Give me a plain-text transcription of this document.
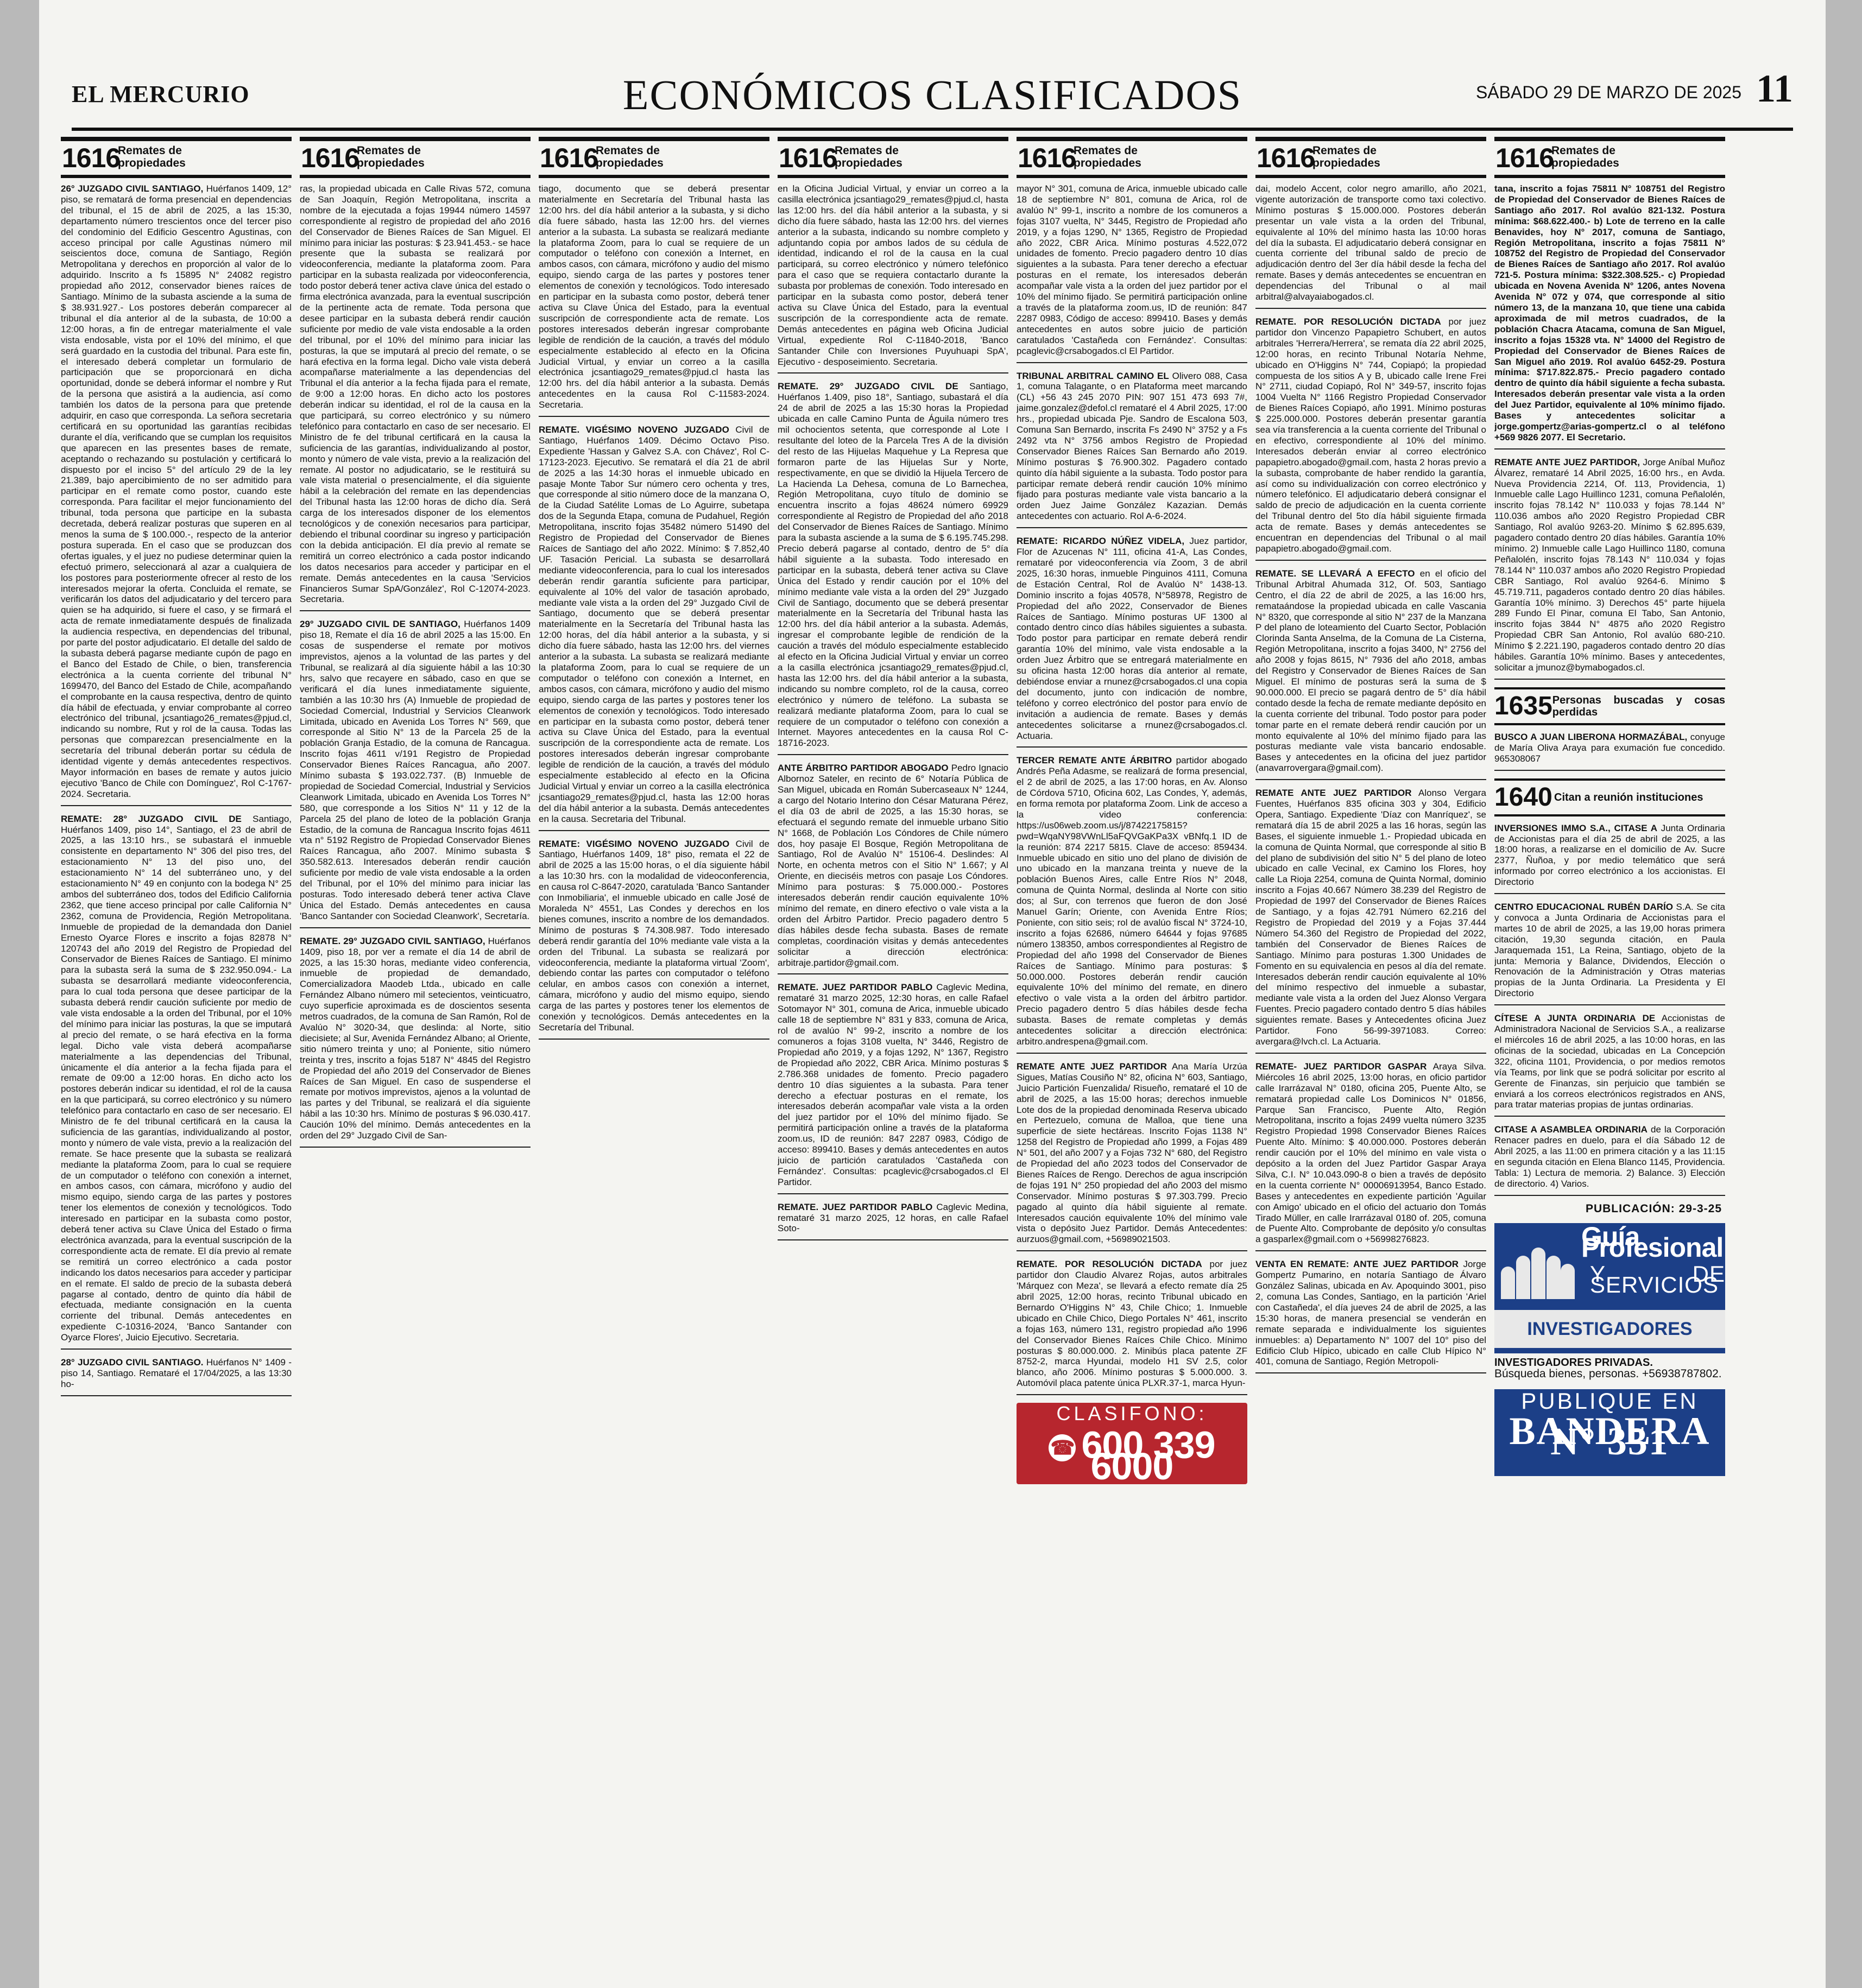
EL MERCURIO	ECONÓMICOS CLASIFICADOS	SÁBADO 29 DE MARZO DE 2025 11
1616
Remates de propiedades

26° JUZGADO CIVIL SANTIAGO, Huérfanos 1409, 12° piso, se rematará de forma presencial en dependencias del tribunal, el 15 de abril de 2025, a las 15:30, departamento número trescientos once del tercer piso del condominio del Edificio Gescentro Agustinas, con acceso principal por calle Agustinas número mil seiscientos doce, comuna de Santiago, Región Metropolitana y derechos en proporción al valor de lo adquirido. Inscrito a fs 15895 N° 24082 registro propiedad año 2012, conservador bienes raíces de Santiago. Mínimo de la subasta asciende a la suma de $ 38.931.927.- Los postores deberán comparecer al tribunal el día anterior al de la subasta, de 10:00 a 12:00 horas, a fin de entregar materialmente el vale vista endosable, vista por el 10% del mínimo, el que será guardado en la custodia del tribunal. Para este fin, el interesado deberá completar un formulario de participación que se proporcionará en dicha oportunidad, donde se deberá informar el nombre y Rut de la persona que asistirá a la audiencia, así como también los datos de la persona para que pretende adquirir, en caso que corresponda. La señora secretaria certificará en su oportunidad las garantías recibidas durante el día, verificando que se cumplan los requisitos que aparecen en las presentes bases de remate, aceptando o rechazando su postulación y certificará lo dispuesto por el inciso 5° del artículo 29 de la ley 21.389, bajo apercibimiento de no ser admitido para participar en el remate como postor, cuando este corresponda. Para facilitar el mejor funcionamiento del tribunal, toda persona que participe en la subasta decretada, deberá realizar posturas que superen en al menos la suma de $ 100.000.-, respecto de la anterior postura superada. En el caso que se produzcan dos ofertas iguales, y el juez no pudiese determinar quien la efectuó primero, seleccionará al azar a cualquiera de los postores para posteriormente ofrecer al resto de los interesados mejorar la oferta. Concluida el remate, se verificarán los datos del adjudicatario y del tercero para quien se ha adquirido, si fuere el caso, y se firmará el acta de remate inmediatamente después de finalizada la audiencia respectiva, en dependencias del tribunal, por parte del postor adjudicatario. El detalle del saldo de la subasta deberá pagarse mediante cupón de pago en el Banco del Estado de Chile, o bien, transferencia electrónica a la cuenta corriente del tribunal N° 1699470, del Banco del Estado de Chile, acompañando el comprobante en la causa respectiva, dentro de quinto día hábil de efectuada, y enviar comprobante al correo electrónico del tribunal, jcsantiago26_remates@pjud.cl, indicando su nombre, Rut y rol de la causa. Todas las personas que comparezcan presencialmente en la secretaría del tribunal deberán portar su cédula de identidad vigente y demás antecedentes respectivos. Mayor información en bases de remate y autos juicio ejecutivo 'Banco de Chile con Domínguez', Rol C-1767-2024. Secretaria.

REMATE: 28° JUZGADO CIVIL DE Santiago, Huérfanos 1409, piso 14°, Santiago, el 23 de abril de 2025, a las 13:10 hrs., se subastará el inmueble consistente en departamento N° 306 del piso tres, del estacionamiento N° 13 del piso uno, del estacionamiento N° 14 del subterráneo uno, y del estacionamiento N° 49 en conjunto con la bodega N° 25 ambos del subterráneo dos, todos del Edificio California 2362, que tiene acceso principal por calle California N° 2362, comuna de Providencia, Región Metropolitana. Inmueble de propiedad de la demandada don Daniel Ernesto Oyarce Flores e inscrito a fojas 82878 N° 120743 del año 2019 del Registro de Propiedad del Conservador de Bienes Raíces de Santiago. El mínimo para la subasta será la suma de $ 232.950.094.- La subasta se desarrollará mediante videoconferencia, para lo cual toda persona que desee participar de la subasta deberá rendir caución suficiente por medio de vale vista endosable a la orden del Tribunal, por el 10% del mínimo para iniciar las posturas, la que se imputará al precio del remate, o se hará efectiva en la forma legal. Dicho vale vista deberá acompañarse materialmente a las dependencias del Tribunal, únicamente el día anterior a la fecha fijada para el remate de 09:00 a 12:00 horas. En dicho acto los postores deberán indicar su identidad, el rol de la causa en la que participará, su correo electrónico y su número telefónico para contactarlo en caso de ser necesario. El Ministro de fe del tribunal certificará en la causa la suficiencia de las garantías, individualizando al postor, monto y número de vale vista, previo a la realización del remate. Se hace presente que la subasta se realizará mediante la plataforma Zoom, para lo cual se requiere de un computador o teléfono con conexión a internet, en ambos casos, con cámara, micrófono y audio del mismo equipo, siendo carga de las partes y postores tener los elementos de conexión y tecnológicos. Todo interesado en participar en la subasta como postor, deberá tener activa su Clave Única del Estado o firma electrónica avanzada, para la eventual suscripción de la correspondiente acta de remate. El día previo al remate se remitirá un correo electrónico a cada postor indicando los datos necesarios para acceder y participar en el remate. El saldo de precio de la subasta deberá pagarse al contado, dentro de quinto día hábil de efectuada, mediante consignación en la cuenta corriente del tribunal. Demás antecedentes en expediente C-10316-2024, 'Banco Santander con Oyarce Flores', Juicio Ejecutivo. Secretaria.

28° JUZGADO CIVIL SANTIAGO. Huérfanos N° 1409 - piso 14, Santiago. Remataré el 17/04/2025, a las 13:30 ho-

1616
Remates de propiedades

ras, la propiedad ubicada en Calle Rivas 572, comuna de San Joaquín, Región Metropolitana, inscrita a nombre de la ejecutada a fojas 19944 número 14597 correspondiente al registro de propiedad del año 2016 del Conservador de Bienes Raíces de San Miguel. El mínimo para iniciar las posturas: $ 23.941.453.- se hace presente que la subasta se realizará por videoconferencia, mediante la plataforma zoom. Para participar en la subasta realizada por videoconferencia, todo postor deberá tener activa clave única del estado o firma electrónica avanzada, para la eventual suscripción de la pertinente acta de remate. Toda persona que desee participar en la subasta deberá rendir caución suficiente por medio de vale vista endosable a la orden del tribunal, por el 10% del mínimo para iniciar las posturas, la que se imputará al precio del remate, o se hará efectiva en la forma legal. Dicho vale vista deberá acompañarse materialmente a las dependencias del Tribunal el día anterior a la fecha fijada para el remate, de 9:00 a 12:00 horas. En dicho acto los postores deberán indicar su identidad, el rol de la causa en la que participará, su correo electrónico y su número telefónico para contactarlo en caso de ser necesario. El Ministro de fe del tribunal certificará en la causa la suficiencia de las garantías, individualizando al postor, monto y número de vale vista, previo a la realización del remate. Al postor no adjudicatario, se le restituirá su vale vista material o presencialmente, el día siguiente hábil a la celebración del remate en las dependencias del Tribunal hasta las 12:00 horas de dicho día. Será carga de los interesados disponer de los elementos tecnológicos y de conexión necesarios para participar, debiendo el tribunal coordinar su ingreso y participación con la debida anticipación. El día previo al remate se remitirá un correo electrónico a cada postor indicando los datos necesarios para acceder y participar en el remate. Demás antecedentes en la causa 'Servicios Financieros Sumar SpA/González', Rol C-12074-2023. Secretaria.

29° JUZGADO CIVIL DE SANTIAGO, Huérfanos 1409 piso 18, Remate el día 16 de abril 2025 a las 15:00. En cosas de suspenderse el remate por motivos imprevistos, ajenos a la voluntad de las partes y del Tribunal, se realizará al día siguiente hábil a las 10:30 hrs, salvo que recayere en sábado, caso en que se verificará el día lunes inmediatamente siguiente, también a las 10:30 hrs (A) Inmueble de propiedad de Sociedad Comercial, Industrial y Servicios Cleanwork Limitada, ubicado en Avenida Los Torres N° 569, que corresponde al Sitio N° 13 de la Parcela 25 de la población Granja Estadio, de la comuna de Rancagua. Inscrito fojas 4611 v/191 Registro de Propiedad Conservador Bienes Raíces Rancagua, año 2007. Mínimo subasta $ 193.022.737. (B) Inmueble de propiedad de Sociedad Comercial, Industrial y Servicios Cleanwork Limitada, ubicado en Avenida Los Torres N° 580, que corresponde a los Sitios N° 11 y 12 de la Parcela 25 del plano de loteo de la población Granja Estadio, de la comuna de Rancagua Inscrito fojas 4611 vta n° 5192 Registro de Propiedad Conservador Bienes Raíces Rancagua, año 2007. Mínimo subasta $ 350.582.613. Interesados deberán rendir caución suficiente por medio de vale vista endosable a la orden del Tribunal, por el 10% del mínimo para iniciar las posturas. Todo interesado deberá tener activa Clave Única del Estado. Demás antecedentes en causa 'Banco Santander con Sociedad Cleanwork', Secretaría.

REMATE. 29° JUZGADO CIVIL SANTIAGO, Huérfanos 1409, piso 18, por ver a remate el día 14 de abril de 2025, a las 15:30 horas, mediante video conferencia, inmueble de propiedad de demandado, Comercializadora Maodeb Ltda., ubicado en calle Fernández Albano número mil setecientos, veinticuatro, cuyo superficie aproximada es de doscientos sesenta metros cuadrados, de la comuna de San Ramón, Rol de Avalúo N° 3020-34, que deslinda: al Norte, sitio diecisiete; al Sur, Avenida Fernández Albano; al Oriente, sitio número treinta y uno; al Poniente, sitio número treinta y tres, inscrito a fojas 5187 N° 4845 del Registro de Propiedad del año 2019 del Conservador de Bienes Raíces de San Miguel. En caso de suspenderse el remate por motivos imprevistos, ajenos a la voluntad de las partes y del Tribunal, se realizará el día siguiente hábil a las 10:30 hrs. Mínimo de posturas $ 96.030.417. Caución 10% del mínimo. Demás antecedentes en la orden del 29° Juzgado Civil de San-

1616
Remates de propiedades

tiago, documento que se deberá presentar materialmente en Secretaría del Tribunal hasta las 12:00 hrs. del día hábil anterior a la subasta, y si dicho día fuere sábado, hasta las 12:00 hrs. del viernes anterior a la subasta. La subasta se realizará mediante la plataforma Zoom, para lo cual se requiere de un computador o teléfono con conexión a Internet, en ambos casos, con cámara, micrófono y audio del mismo equipo, siendo carga de las partes y postores tener elementos de conexión y tecnológicos. Todo interesado en participar en la subasta como postor, deberá tener activa su Clave Única del Estado, para la eventual suscripción de correspondiente acta de remate. Los postores interesados deberán ingresar comprobante legible de rendición de la caución, a través del módulo especialmente establecido al efecto en la Oficina Judicial Virtual, y enviar un correo a la casilla electrónica jcsantiago29_remates@pjud.cl hasta las 12:00 hrs. del día hábil anterior a la subasta. Demás antecedentes en la causa Rol C-11583-2024. Secretaria.

REMATE. VIGÉSIMO NOVENO JUZGADO Civil de Santiago, Huérfanos 1409. Décimo Octavo Piso. Expediente 'Hassan y Galvez S.A. con Chávez', Rol C-17123-2023. Ejecutivo. Se rematará el día 21 de abril de 2025 a las 14:30 horas el inmueble ubicado en pasaje Monte Tabor Sur número cero ochenta y tres, que corresponde al sitio número doce de la manzana O, de la Ciudad Satélite Lomas de Lo Aguirre, subetapa dos de la Segunda Etapa, comuna de Pudahuel, Región Metropolitana, inscrito fojas 35482 número 51490 del Registro de Propiedad del Conservador de Bienes Raíces de Santiago del año 2022. Mínimo: $ 7.852,40 UF. Tasación Pericial. La subasta se desarrollará mediante videoconferencia, para lo cual los interesados deberán rendir garantía suficiente para participar, equivalente al 10% del valor de tasación aprobado, mediante vale vista a la orden del 29° Juzgado Civil de Santiago, documento que se deberá presentar materialmente en la Secretaría del Tribunal hasta las 12:00 horas, del día hábil anterior a la subasta, y si dicho día fuere sábado, hasta las 12:00 hrs. del viernes anterior a la subasta. La subasta se realizará mediante la plataforma Zoom, para lo cual se requiere de un computador o teléfono con conexión a Internet, en ambos casos, con cámara, micrófono y audio del mismo equipo, siendo carga de las partes y postores tener los elementos de conexión y tecnológicos. Todo interesado en participar en la subasta como postor, deberá tener activa su Clave Única del Estado, para la eventual suscripción de la correspondiente acta de remate. Los postores interesados deberán ingresar comprobante legible de rendición de la caución, a través del módulo especialmente establecido al efecto en la Oficina Judicial Virtual y enviar un correo a la casilla electrónica jcsantiago29_remates@pjud.cl, hasta las 12:00 horas del día hábil anterior a la subasta. Demás antecedentes en la causa. Secretaria del Tribunal.

REMATE: VIGÉSIMO NOVENO JUZGADO Civil de Santiago, Huérfanos 1409, 18° piso, remata el 22 de abril de 2025 a las 15:00 horas, o el día siguiente hábil a las 10:30 hrs. con la modalidad de videoconferencia, en causa rol C-8647-2020, caratulada 'Banco Santander con Inmobiliaria', el inmueble ubicado en calle José de Moraleda N° 4551, Las Condes y derechos en los bienes comunes, inscrito a nombre de los demandados. Mínimo de posturas $ 74.308.987. Todo interesado deberá rendir garantía del 10% mediante vale vista a la orden del Tribunal. La subasta se realizará por videoconferencia, mediante la plataforma virtual 'Zoom', debiendo contar las partes con computador o teléfono celular, en ambos casos con conexión a internet, cámara, micrófono y audio del mismo equipo, siendo carga de las partes y postores tener los elementos de conexión y tecnológicos. Demás antecedentes en la Secretaría del Tribunal.

1616
Remates de propiedades

en la Oficina Judicial Virtual, y enviar un correo a la casilla electrónica jcsantiago29_remates@pjud.cl, hasta las 12:00 hrs. del día hábil anterior a la subasta, y si dicho día fuere sábado, hasta las 12:00 hrs. del viernes anterior a la subasta, indicando su nombre completo y adjuntando copia por ambos lados de su cédula de identidad, indicando el rol de la causa en la cual participará, su correo electrónico y número telefónico para el caso que se requiera contactarlo durante la subasta por problemas de conexión. Todo interesado en participar en la subasta como postor, deberá tener activa su Clave Única del Estado, para la eventual suscripción de la correspondiente acta de remate. Demás antecedentes en página web Oficina Judicial Virtual, expediente Rol C-11840-2018, 'Banco Santander Chile con Inversiones Puyuhuapi SpA', Ejecutivo - desposeimiento. Secretaria.

REMATE. 29° JUZGADO CIVIL DE Santiago, Huérfanos 1.409, piso 18°, Santiago, subastará el día 24 de abril de 2025 a las 15:30 horas la Propiedad ubicada en calle Camino Punta de Águila número tres mil ochocientos setenta, que corresponde al Lote I resultante del loteo de la Parcela Tres A de la división del resto de las Hijuelas Maquehue y La Represa que formaron parte de las Hijuelas Sur y Norte, respectivamente, en que se dividió la Hijuela Tercero de La Hacienda La Dehesa, comuna de Lo Barnechea, Región Metropolitana, cuyo título de dominio se encuentra inscrito a fojas 48624 número 69929 correspondiente al Registro de Propiedad del año 2018 del Conservador de Bienes Raíces de Santiago. Mínimo para la subasta asciende a la suma de $ 6.195.745.298. Precio deberá pagarse al contado, dentro de 5° día hábil siguiente a la subasta. Todo interesado en participar en la subasta, deberá tener activa su Clave Única del Estado y rendir caución por el 10% del mínimo mediante vale vista a la orden del 29° Juzgado Civil de Santiago, documento que se deberá presentar materialmente en la Secretaría del Tribunal hasta las 12:00 hrs. del día hábil anterior a la subasta. Además, ingresar el comprobante legible de rendición de la caución a través del módulo especialmente establecido al efecto en la Oficina Judicial Virtual y enviar un correo a la casilla electrónica jcsantiago29_remates@pjud.cl, hasta las 12:00 hrs. del día hábil anterior a la subasta, indicando su nombre completo, rol de la causa, correo electrónico y número de teléfono. La subasta se realizará mediante plataforma Zoom, para lo cual se requiere de un computador o teléfono con conexión a Internet. Mayores antecedentes en la causa Rol C-18716-2023.

ANTE ÁRBITRO PARTIDOR ABOGADO Pedro Ignacio Albornoz Sateler, en recinto de 6° Notaría Pública de San Miguel, ubicada en Román Subercaseaux N° 1244, a cargo del Notario Interino don César Maturana Pérez, el día 03 de abril de 2025, a las 15:30 horas, se efectuará el segundo remate del inmueble urbano Sitio N° 1668, de Población Los Cóndores de Chile número dos, hoy pasaje El Bosque, Región Metropolitana de Santiago, Rol de Avalúo N° 15106-4. Deslindes: Al Norte, en ochenta metros con el Sitio N° 1.667; y Al Oriente, en dieciséis metros con pasaje Los Cóndores. Mínimo para posturas: $ 75.000.000.- Postores interesados deberán rendir caución equivalente 10% mínimo del remate, en dinero efectivo o vale vista a la orden del Árbitro Partidor. Precio pagadero dentro 5 días hábiles desde fecha subasta. Bases de remate completas, coordinación visitas y demás antecedentes solicitar a dirección electrónica: arbitraje.partidor@gmail.com.

REMATE. JUEZ PARTIDOR PABLO Caglevic Medina, remataré 31 marzo 2025, 12:30 horas, en calle Rafael Sotomayor N° 301, comuna de Arica, inmueble ubicado calle 18 de septiembre N° 831 y 833, comuna de Arica, rol de avalúo N° 99-2, inscrito a nombre de los comuneros a fojas 3108 vuelta, N° 3446, Registro de Propiedad año 2019, y a fojas 1292, N° 1367, Registro de Propiedad año 2022, CBR Arica. Mínimo posturas $ 2.786.368 unidades de fomento. Precio pagadero dentro 10 días siguientes a la subasta. Para tener derecho a efectuar posturas en el remate, los interesados deberán acompañar vale vista a la orden del juez partidor por el 10% del mínimo fijado. Se permitirá participación online a través de la plataforma zoom.us, ID de reunión: 847 2287 0983, Código de acceso: 899410. Bases y demás antecedentes en autos juicio de partición caratulados 'Castañeda con Fernández'. Consultas: pcaglevic@crsabogados.cl El Partidor.

REMATE. JUEZ PARTIDOR PABLO Caglevic Medina, remataré 31 marzo 2025, 12 horas, en calle Rafael Soto-

1616
Remates de propiedades

mayor N° 301, comuna de Arica, inmueble ubicado calle 18 de septiembre N° 801, comuna de Arica, rol de avalúo N° 99-1, inscrito a nombre de los comuneros a fojas 3107 vuelta, N° 3445, Registro de Propiedad año 2019, y a fojas 1290, N° 1365, Registro de Propiedad año 2022, CBR Arica. Mínimo posturas 4.522,072 unidades de fomento. Precio pagadero dentro 10 días siguientes a la subasta. Para tener derecho a efectuar posturas en el remate, los interesados deberán acompañar vale vista a la orden del juez partidor por el 10% del mínimo fijado. Se permitirá participación online a través de la plataforma zoom.us, ID de reunión: 847 2287 0983, Código de acceso: 899410. Bases y demás antecedentes en autos sobre juicio de partición caratulados 'Castañeda con Fernández'. Consultas: pcaglevic@crsabogados.cl El Partidor.

TRIBUNAL ARBITRAL CAMINO EL Olivero 088, Casa 1, comuna Talagante, o en Plataforma meet marcando (CL) +56 43 245 2070 PIN: 907 151 473 693 7#, jaime.gonzalez@defol.cl remataré el 4 Abril 2025, 17:00 hrs., propiedad ubicada Pje. Sandro de Escalona 503, Comuna San Bernardo, inscrita Fs 2490 N° 3752 y a Fs 2492 vta N° 3756 ambos Registro de Propiedad Conservador Bienes Raíces San Bernardo año 2019. Mínimo posturas $ 76.900.302. Pagadero contado quinto día hábil siguiente a la subasta. Todo postor para participar remate deberá rendir caución 10% mínimo fijado para posturas mediante vale vista bancario a la orden Juez Jaime González Kazazian. Demás antecedentes con actuario. Rol A-6-2024.

REMATE: RICARDO NÚÑEZ VIDELA, Juez partidor, Flor de Azucenas N° 111, oficina 41-A, Las Condes, remataré por videoconferencia vía Zoom, 3 de abril 2025, 16:30 horas, inmueble Pinguinos 4111, Comuna de Estación Central, Rol de Avalúo N° 1438-13. Dominio inscrito a fojas 40578, N°58978, Registro de Propiedad del año 2022, Conservador de Bienes Raíces de Santiago. Mínimo posturas UF 1300 al contado dentro cinco días hábiles siguientes a subasta. Todo postor para participar en remate deberá rendir garantía 10% del mínimo, vale vista endosable a la orden Juez Árbitro que se entregará materialmente en su oficina hasta 12:00 horas día anterior al remate, debiéndose enviar a rnunez@crsabogados.cl una copia del documento, junto con indicación de nombre, teléfono y correo electrónico del postor para envío de invitación a audiencia de remate. Bases y demás antecedentes solicitarse a rnunez@crsabogados.cl. Actuaria.

TERCER REMATE ANTE ÁRBITRO partidor abogado Andrés Peña Adasme, se realizará de forma presencial, el 2 de abril de 2025, a las 17:00 horas, en Av. Alonso de Córdova 5710, Oficina 602, Las Condes, Y, además, en forma remota por plataforma Zoom. Link de acceso a la video conferencia: https://us06web.zoom.us/j/87422175815?pwd=WqaNY98VWnLl5aFQVGaKPa3X vBNfq.1 ID de la reunión: 874 2217 5815. Clave de acceso: 859434. Inmueble ubicado en sitio uno del plano de división de uno ubicado en la manzana treinta y nueve de la población Buenos Aires, calle Entre Ríos N° 2048, comuna de Quinta Normal, deslinda al Norte con sitio dos; al Sur, con terrenos que fueron de don José Manuel Garín; Oriente, con Avenida Entre Ríos; Poniente, con sitio seis; rol de avalúo fiscal N° 3724-10, inscrito a fojas 62686, número 64644 y fojas 97685 número 138350, ambos correspondientes al Registro de Propiedad del año 1998 del Conservador de Bienes Raíces de Santiago. Mínimo para posturas: $ 50.000.000. Postores deberán rendir caución equivalente 10% del mínimo del remate, en dinero efectivo o vale vista a la orden del árbitro partidor. Precio pagadero dentro 5 días hábiles desde fecha subasta. Bases de remate completas y demás antecedentes solicitar a dirección electrónica: arbitro.andrespena@gmail.com.

REMATE ANTE JUEZ PARTIDOR Ana María Urzúa Sigues, Matías Cousiño N° 82, oficina N° 603, Santiago, Juicio Partición Fuenzalida/ Risueño, remataré el 10 de abril de 2025, a las 15:00 horas; derechos inmueble Lote dos de la propiedad denominada Reserva ubicado en Pertezuelo, comuna de Malloa, que tiene una superficie de siete hectáreas. Inscrito Fojas 1138 N° 1258 del Registro de Propiedad año 1999, a Fojas 489 N° 501, del año 2007 y a Fojas 732 N° 680, del Registro de Propiedad del año 2023 todos del Conservador de Bienes Raíces de Rengo. Derechos de agua inscripción de fojas 191 N° 250 propiedad del año 2003 del mismo Conservador. Mínimo posturas $ 97.303.799. Precio pagado al quinto día hábil siguiente al remate. Interesados caución equivalente 10% del mínimo vale vista o depósito Juez Partidor. Demás Antecedentes: aurzuos@gmail.com, +56989021503.

REMATE. POR RESOLUCIÓN DICTADA por juez partidor don Claudio Alvarez Rojas, autos arbitrales 'Márquez con Meza', se llevará a efecto remate día 25 abril 2025, 12:00 horas, recinto Tribunal ubicado en Bernardo O'Higgins N° 43, Chile Chico; 1. Inmueble ubicado en Chile Chico, Diego Portales N° 461, inscrito a fojas 163, número 131, registro propiedad año 1996 del Conservador Bienes Raíces Chile Chico. Mínimo posturas $ 80.000.000. 2. Minibús placa patente ZF 8752-2, marca Hyundai, modelo H1 SV 2.5, color blanco, año 2006. Mínimo posturas $ 5.000.000. 3. Automóvil placa patente única PLXR.37-1, marca Hyun-

CLASIFONO:
☎ 600 339 6000
1616
Remates de propiedades

dai, modelo Accent, color negro amarillo, año 2021, vigente autorización de transporte como taxi colectivo. Mínimo posturas $ 15.000.000. Postores deberán presentar un vale vista a la orden del Tribunal, equivalente al 10% del mínimo hasta las 10:00 horas del día la subasta. El adjudicatario deberá consignar en cuenta corriente del tribunal saldo de precio de adjudicación dentro del 3er día hábil desde la fecha del remate. Bases y demás antecedentes se encuentran en dependencias del Tribunal o al mail arbitral@alvayaiabogados.cl.

REMATE. POR RESOLUCIÓN DICTADA por juez partidor don Vincenzo Papapietro Schubert, en autos arbitrales 'Herrera/Herrera', se remata día 22 abril 2025, 12:00 horas, en recinto Tribunal Notaría Nehme, ubicado en O'Higgins N° 744, Copiapó; la propiedad compuesta de los sitios A y B, ubicado calle Irene Frei N° 2711, ciudad Copiapó, Rol N° 349-57, inscrito fojas 1004 Vuelta N° 1166 Registro Propiedad Conservador de Bienes Raíces Copiapó, año 1991. Mínimo posturas $ 225.000.000. Postores deberán presentar garantía sea vía transferencia a la cuenta corriente del Tribunal o en efectivo, correspondiente al 10% del mínimo. Interesados deberán enviar al correo electrónico papapietro.abogado@gmail.com, hasta 2 horas previo a la subasta, comprobante de haber rendido la garantía, así como su individualización con correo electrónico y número telefónico. El adjudicatario deberá consignar el saldo de precio de adjudicación en la cuenta corriente del Tribunal dentro del 5to día hábil siguiente firmada acta de remate. Bases y demás antecedentes se encuentran en dependencias del Tribunal o al mail papapietro.abogado@gmail.com.

REMATE. SE LLEVARÁ A EFECTO en el oficio del Tribunal Arbitral Ahumada 312, Of. 503, Santiago Centro, el día 22 de abril de 2025, a las 16:00 hrs, remataándose la propiedad ubicada en calle Vascania N° 8320, que corresponde al sitio N° 237 de la Manzana P del plano de loteamiento del Cuarto Sector, Población Clorinda Santa Anselma, de la Comuna de La Cisterna, Región Metropolitana, inscrito a fojas 3400, N° 2756 del año 2008 y fojas 8615, N° 7936 del año 2018, ambas del Registro y Conservador de Bienes Raíces de San Miguel. El mínimo de posturas será la suma de $ 90.000.000. El precio se pagará dentro de 5° día hábil contado desde la fecha de remate mediante depósito en la cuenta corriente del tribunal. Todo postor para poder tomar parte en el remate deberá rendir caución por un monto equivalente al 10% del mínimo fijado para las posturas mediante vale vista bancario endosable. Bases y antecedentes en la oficina del juez partidor (anavarrovergara@gmail.com).

REMATE ANTE JUEZ PARTIDOR Alonso Vergara Fuentes, Huérfanos 835 oficina 303 y 304, Edificio Opera, Santiago. Expediente 'Díaz con Manríquez', se rematará día 15 de abril 2025 a las 16 horas, según las Bases, el siguiente inmueble 1.- Propiedad ubicada en la comuna de Quinta Normal, que corresponde al sitio B del plano de subdivisión del sitio N° 5 del plano de loteo ubicado en calle Vecinal, ex Camino los Flores, hoy calle La Rioja 2254, comuna de Quinta Normal, dominio inscrito a Fojas 40.667 Número 38.239 del Registro de Propiedad de 1997 del Conservador de Bienes Raíces de Santiago, y a fojas 42.791 Número 62.216 del Registro de Propiedad del 2019 y a Fojas 37.444 Número 54.360 del Registro de Propiedad del 2022, también del Conservador de Bienes Raíces de Santiago. Mínimo para posturas 1.300 Unidades de Fomento en su equivalencia en pesos al día del remate. Interesados deberán rendir caución equivalente al 10% del mínimo respectivo del inmueble a subastar, mediante vale vista a la orden del Juez Alonso Vergara Fuentes. Precio pagadero contado dentro 5 días hábiles siguientes remate. Bases y Antecedentes oficina Juez Partidor. Fono 56-99-3971083. Correo: avergara@lvch.cl. La Actuaria.

REMATE- JUEZ PARTIDOR GASPAR Araya Silva. Miércoles 16 abril 2025, 13:00 horas, en oficio partidor calle Irarrázaval N° 0180, oficina 205, Puente Alto, se rematará propiedad calle Los Dominicos N° 01856, Parque San Francisco, Puente Alto, Región Metropolitana, inscrito a fojas 2499 vuelta número 3235 Registro Propiedad 1998 Conservador Bienes Raíces Puente Alto. Mínimo: $ 40.000.000. Postores deberán rendir caución por el 10% del mínimo en vale vista o depósito a la orden del Juez Partidor Gaspar Araya Silva, C.I. N° 10.043.090-8 o bien a través de depósito en la cuenta corriente N° 00006913954, Banco Estado. Bases y antecedentes en expediente partición 'Aguilar con Amigo' ubicado en el oficio del actuario don Tomás Tirado Müller, en calle Irarrázaval 0180 of. 205, comuna de Puente Alto. Comprobante de depósito y/o consultas a gasparlex@gmail.com o +56998276823.

VENTA EN REMATE: ANTE JUEZ PARTIDOR Jorge Gompertz Pumarino, en notaría Santiago de Álvaro González Salinas, ubicada en Av. Apoquindo 3001, piso 2, comuna Las Condes, Santiago, en la partición 'Ariel con Castañeda', el día jueves 24 de abril de 2025, a las 15:30 horas, de manera presencial se venderán en remate separada e individualmente los siguientes inmuebles: a) Departamento N° 1007 del 10° piso del Edificio Club Hípico, ubicado en calle Club Hípico N° 401, comuna de Santiago, Región Metropoli-

1616
Remates de propiedades

tana, inscrito a fojas 75811 N° 108751 del Registro de Propiedad del Conservador de Bienes Raíces de Santiago año 2017. Rol avalúo 821-132. Postura mínima: $68.622.400.- b) Lote de terreno en la calle Benavides, hoy N° 2017, comuna de Santiago, Región Metropolitana, inscrito a fojas 75811 N° 108752 del Registro de Propiedad del Conservador de Bienes Raíces de Santiago año 2017. Rol avalúo 721-5. Postura mínima: $322.308.525.- c) Propiedad ubicada en Novena Avenida N° 1206, antes Novena Avenida N° 072 y 074, que corresponde al sitio número 13, de la manzana 10, que tiene una cabida aproximada de mil metros cuadrados, de la población Chacra Atacama, comuna de San Miguel, inscrito a fojas 15328 vta. N° 14000 del Registro de Propiedad del Conservador de Bienes Raíces de San Miguel año 2019. Rol avalúo 6452-29. Postura mínima: $717.822.875.- Precio pagadero contado dentro de quinto día hábil siguiente a fecha subasta. Interesados deberán presentar vale vista a la orden del Juez Partidor, equivalente al 10% mínimo fijado. Bases y antecedentes solicitar a jorge.gompertz@arias-gompertz.cl o al teléfono +569 9826 2077. El Secretario.

REMATE ANTE JUEZ PARTIDOR, Jorge Aníbal Muñoz Álvarez, remataré 14 Abril 2025, 16:00 hrs., en Avda. Nueva Providencia 2214, Of. 113, Providencia, 1) Inmueble calle Lago Huillinco 1231, comuna Peñalolén, inscrito fojas 78.142 N° 110.033 y fojas 78.144 N° 110.036 ambos año 2020 Registro Propiedad CBR Santiago, Rol avalúo 9263-20. Mínimo $ 62.895.639, pagadero contado dentro 20 días hábiles. Garantía 10% mínimo. 2) Inmueble calle Lago Huillinco 1180, comuna Peñalolén, inscrito fojas 78.143 N° 110.034 y fojas 78.144 N° 110.037 ambos año 2020 Registro Propiedad CBR Santiago, Rol avalúo 9264-6. Mínimo $ 45.719.711, pagaderos contado dentro 20 días hábiles. Garantía 10% mínimo. 3) Derechos 45° parte hijuela 289 Fundo El Pinar, comuna El Tabo, San Antonio, inscrito fojas 3844 N° 4875 año 2020 Registro Propiedad CBR San Antonio, Rol avalúo 680-210. Mínimo $ 2.221.190, pagaderos contado dentro 20 días hábiles. Garantía 10% mínimo. Bases y antecedentes, solicitar a jmunoz@bymabogados.cl.

1635 Personas buscadas y cosas perdidas

BUSCO A JUAN LIBERONA HORMAZÁBAL, conyuge de María Oliva Araya para exumación fue concedido. 965308067

1640 Citan a reunión instituciones

INVERSIONES IMMO S.A., CITASE A Junta Ordinaria de Accionistas para el día 25 de abril de 2025, a las 18:00 horas, a realizarse en el domicilio de Av. Sucre 2377, Ñuñoa, y por medio telemático que será informado por correo electrónico a los accionistas. El Directorio

CENTRO EDUCACIONAL RUBÉN DARÍO S.A. Se cita y convoca a Junta Ordinaria de Accionistas para el martes 10 de abril de 2025, a las 19,00 horas primera citación, 19,30 segunda citación, en Paula Jaraquemada 151, La Reina, Santiago, objeto de la junta: Memoria y Balance, Dividendos, Elección o Renovación de la Administración y Otras materias propias de la Junta Ordinaria. La Presidenta y El Directorio

CÍTESE A JUNTA ORDINARIA DE Accionistas de Administradora Nacional de Servicios S.A., a realizarse el miércoles 16 de abril 2025, a las 10:00 horas, en las oficinas de la sociedad, ubicadas en La Concepción 322, oficina 1101, Providencia, o por medios remotos vía Teams, por link que se podrá solicitar por escrito al Gerente de Finanzas, sin perjuicio que también se enviará a los correos electrónicos registrados en ANS, para tratar materias propias de juntas ordinarias.

CITASE A ASAMBLEA ORDINARIA de la Corporación Renacer padres en duelo, para el día Sábado 12 de Abril 2025, a las 11:00 en primera citación y a las 11:15 en segunda citación en Elena Blanco 1145, Providencia. Tabla: 1) Lectura de memoria. 2) Balance. 3) Elección de directorio. 4) Varios.

PUBLICACIÓN: 29-3-25
Guía Profesional
Y DE SERVICIOS
INVESTIGADORES
INVESTIGADORES PRIVADAS.
Búsqueda bienes, personas. +56938787802.
PUBLIQUE EN
BANDERA N° 331
